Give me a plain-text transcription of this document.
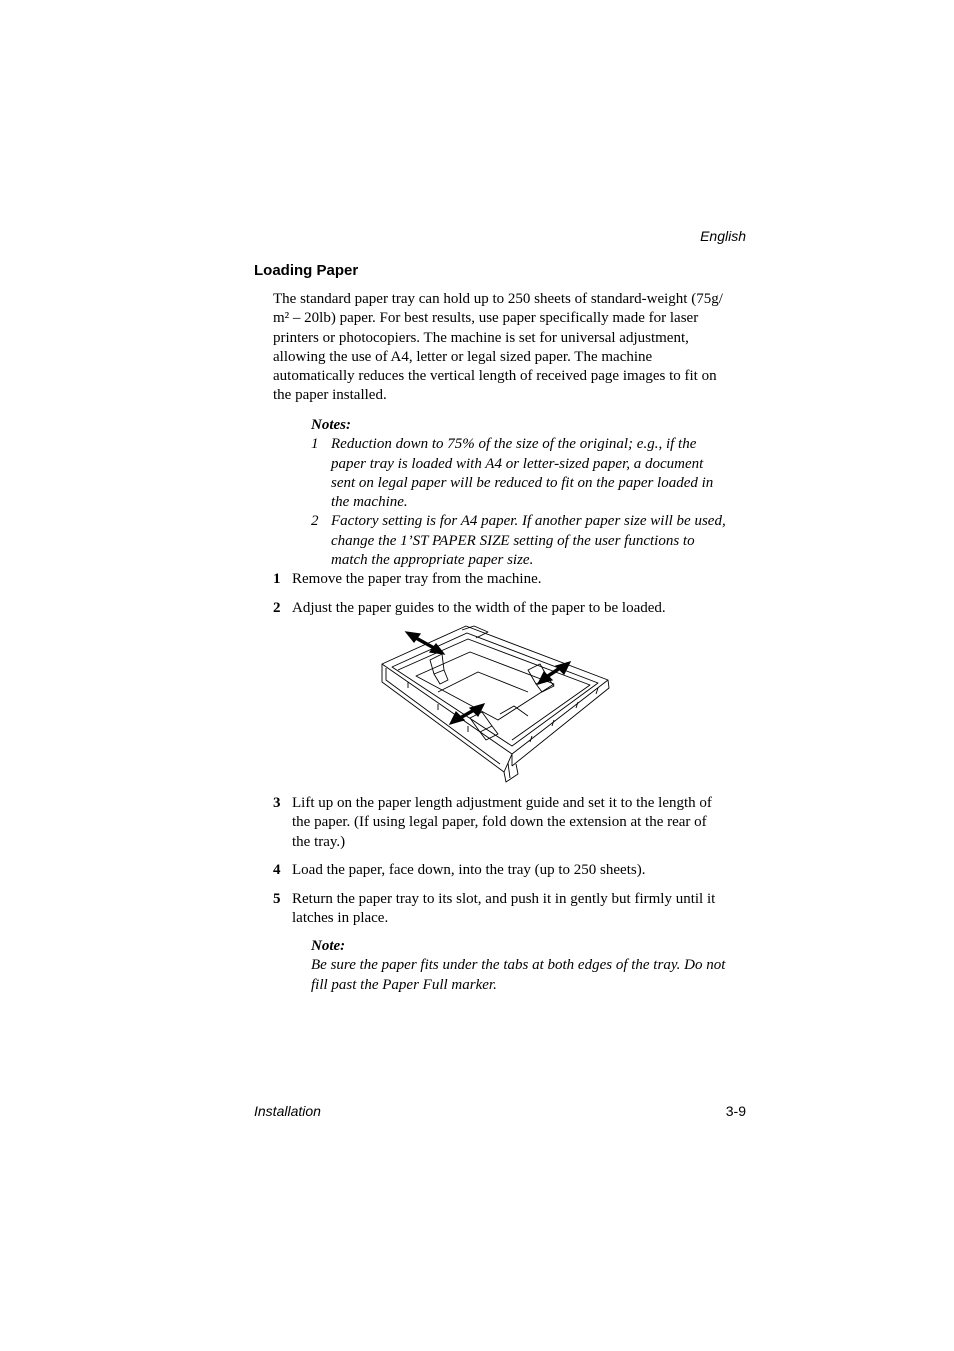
English
Loading Paper
The standard paper tray can hold up to 250 sheets of standard-weight (75g/
m² – 20lb) paper. For best results, use paper specifically made for laser
printers or photocopiers. The machine is set for universal adjustment,
allowing the use of A4, letter or legal sized paper. The machine
automatically reduces the vertical length of received page images to fit on
the paper installed.
Notes:
1 Reduction down to 75% of the size of the original; e.g., if the
paper tray is loaded with A4 or letter-sized paper, a document
sent on legal paper will be reduced to fit on the paper loaded in
the machine.
2 Factory setting is for A4 paper. If another paper size will be used,
change the 1’ST PAPER SIZE setting of the user functions to
match the appropriate paper size.
1 Remove the paper tray from the machine.
2 Adjust the paper guides to the width of the paper to be loaded.
3 Lift up on the paper length adjustment guide and set it to the length of
the paper. (If using legal paper, fold down the extension at the rear of
the tray.)
4 Load the paper, face down, into the tray (up to 250 sheets).
5 Return the paper tray to its slot, and push it in gently but firmly until it
latches in place.
Note:
Be sure the paper fits under the tabs at both edges of the tray. Do not
fill past the Paper Full marker.
Installation	3-9
